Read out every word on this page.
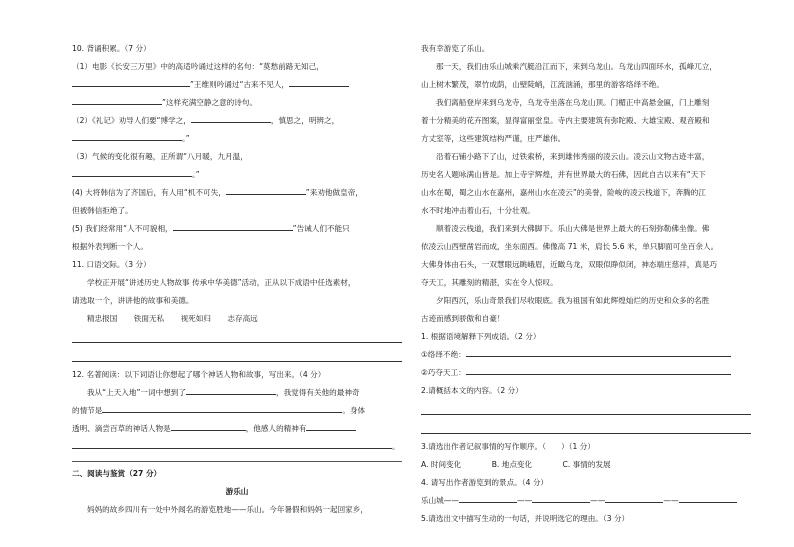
10. 背诵积累。（7 分）
（1）电影《长安三万里》中的高适吟诵过这样的名句：“莫愁前路无知己，
”王维则吟诵过“古来不见人，
”这样充满空静之意的诗句。
（2）《礼记》劝导人们要“博学之，	，慎思之，明辨之，
。”
（3）气候的变化很有趣，正所谓“八月暖，九月温，
。”
(4) 大将韩信为了齐国后，有人用“机不可失，	”来劝他做皇帝，
但被韩信拒绝了。
(5) 我们经常用“人不可貌相，	”告诫人们不能只
根据外表判断一个人。
11. 口语交际。（3 分）
学校正开展“讲述历史人物故事 传承中华美德”活动，正从以下成语中任选素材，
请选取一个，讲讲他的故事和美德。
精忠报国 铁面无私 视死如归 志存高远
12. 名著阅读：以下词语让你想起了哪个神话人物和故事，写出来。（4 分）
我从“上天入地”一词中想到了	，我觉得有关他的最神奇
的情节是	。身体
透明、滴尝百草的神话人物是	，他感人的精神有
。
二、阅读与鉴赏（27 分）
游乐山
妈妈的故乡四川有一处中外闻名的游览胜地——乐山。今年暑假和妈妈一起回家乡，
我有幸游览了乐山。
那一天，我们由乐山城乘汽艇沿江而下，来到乌龙山。乌龙山四面环水，孤峰兀立，
山上树木繁茂，翠竹成荫，山壁陡峭，江流汹涌，那里的游客络绎不绝。
我们离船登岸来到乌龙寺，乌龙寺坐落在乌龙山顶。门楣正中高悬金匾，门上雕刻
着十分精美的花卉图案，显得富丽堂皇。寺内主要建筑有弥陀殿、大雄宝殿、观音殿和
方丈室等，这些建筑结构严谨，庄严雄伟。
沿着石铺小路下了山，过铁索桥，来到雄伟秀丽的凌云山。凌云山文物古迹丰富，
历史名人题咏满山皆是。加上寺宇辉煌，并有世界最大的石佛，因此自古以来有“天下
山水在蜀，蜀之山水在嘉州，嘉州山水在凌云”的美誉，险峻的凌云栈道下，奔腾的江
水不时地冲击着山石，十分壮观。
顺着凌云栈道，我们来到大佛脚下。乐山大佛是世界上最大的石刻弥勒佛坐像。佛
依凌云山西壁凿岩而成，坐东面西。佛像高 71 米，肩长 5.6 米，单只脚面可坐百余人。
大佛身体由石头，一双慧眼远眺峨眉，近瞰乌龙，双眼似睁似闭，神态端庄慈祥，真是巧
夺天工，其雕刻的精湛，实在令人惊叹。
夕阳西沉，乐山奇景我们尽收眼底。我为祖国有如此辉煌灿烂的历史和众多的名胜
古迹而感到骄傲和自豪！
1. 根据语境解释下列成语。（2 分）
①络绎不绝：
②巧夺天工：
2.请概括本文的内容。（2 分）
3.请选出作者记叙事情的写作顺序。（　　）（1 分）
A. 时间变化	B. 地点变化	C. 事情的发展
4. 请写出作者游览到的景点。（4 分）
乐山城——	——	——	——
5.请选出文中描写生动的一句话，并说明选它的理由。（3 分）
